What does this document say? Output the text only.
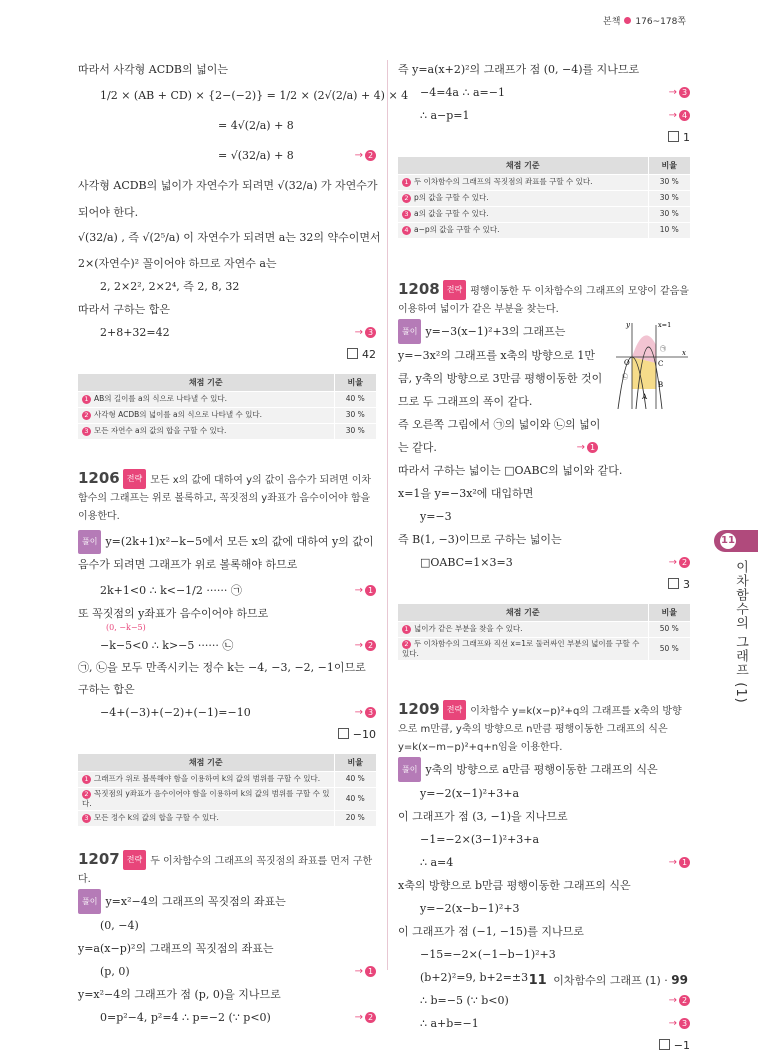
본책 176~178쪽
따라서 사각형 ACDB의 넓이는
1/2 × (AB + CD) × {2−(−2)} = 1/2 × (2√(2/a) + 4) × 4
= 4√(2/a) + 8
= √(32/a) + 8	→ 2
사각형 ACDB의 넓이가 자연수가 되려면 √(32/a) 가 자연수가
되어야 한다.
√(32/a) , 즉 √(2⁵/a) 이 자연수가 되려면 a는 32의 약수이면서
2×(자연수)² 꼴이어야 하므로 자연수 a는
2, 2×2², 2×2⁴, 즉 2, 8, 32
따라서 구하는 합은
2+8+32=42	→ 3
42
채점 기준	비율
1 AB의 길이를 a의 식으로 나타낼 수 있다.	40 %
2 사각형 ACDB의 넓이를 a의 식으로 나타낼 수 있다.	30 %
3 모든 자연수 a의 값의 합을 구할 수 있다.	30 %
1206 전략 모든 x의 값에 대하여 y의 값이 음수가 되려면 이차함수의 그래프는 위로 볼록하고, 꼭짓점의 y좌표가 음수이어야 함을 이용한다.
풀이 y=(2k+1)x²−k−5에서 모든 x의 값에 대하여 y의 값이 음수가 되려면 그래프가 위로 볼록해야 하므로
2k+1<0 ∴ k<−1/2 ······ ㉠	→ 1
또 꼭짓점의 y좌표가 음수이어야 하므로
(0, −k−5)
−k−5<0 ∴ k>−5 ······ ㉡	→ 2
㉠, ㉡을 모두 만족시키는 정수 k는 −4, −3, −2, −1이므로 구하는 합은
−4+(−3)+(−2)+(−1)=−10	→ 3
−10
채점 기준	비율
1 그래프가 위로 볼록해야 함을 이용하여 k의 값의 범위를 구할 수 있다.	40 %
2 꼭짓점의 y좌표가 음수이어야 함을 이용하여 k의 값의 범위를 구할 수 있다.	40 %
3 모든 정수 k의 값의 합을 구할 수 있다.	20 %
1207 전략 두 이차함수의 그래프의 꼭짓점의 좌표를 먼저 구한다.
풀이 y=x²−4의 그래프의 꼭짓점의 좌표는
(0, −4)
y=a(x−p)²의 그래프의 꼭짓점의 좌표는
(p, 0)	→ 1
y=x²−4의 그래프가 점 (p, 0)을 지나므로
0=p²−4, p²=4 ∴ p=−2 (∵ p<0)	→ 2
즉 y=a(x+2)²의 그래프가 점 (0, −4)를 지나므로
−4=4a ∴ a=−1	→ 3
∴ a−p=1	→ 4
1
채점 기준	비율
1 두 이차함수의 그래프의 꼭짓점의 좌표를 구할 수 있다.	30 %
2 p의 값을 구할 수 있다.	30 %
3 a의 값을 구할 수 있다.	30 %
4 a−p의 값을 구할 수 있다.	10 %
1208 전략 평행이동한 두 이차함수의 그래프의 모양이 같음을 이용하여 넓이가 같은 부분을 찾는다.
y
x
x=1
O	C
B
A
㉠
㉡
풀이 y=−3(x−1)²+3의 그래프는
y=−3x²의 그래프를 x축의 방향으로 1만
큼, y축의 방향으로 3만큼 평행이동한 것이
므로 두 그래프의 폭이 같다.
즉 오른쪽 그림에서 ㉠의 넓이와 ㉡의 넓이
는 같다.	→ 1
따라서 구하는 넓이는 □OABC의 넓이와 같다.
x=1을 y=−3x²에 대입하면
y=−3
즉 B(1, −3)이므로 구하는 넓이는
□OABC=1×3=3	→ 2
3
채점 기준	비율
1 넓이가 같은 부분을 찾을 수 있다.	50 %
2 두 이차함수의 그래프와 직선 x=1로 둘러싸인 부분의 넓이를 구할 수 있다.	50 %
1209 전략 이차함수 y=k(x−p)²+q의 그래프를 x축의 방향으로 m만큼, y축의 방향으로 n만큼 평행이동한 그래프의 식은 y=k(x−m−p)²+q+n임을 이용한다.
풀이 y축의 방향으로 a만큼 평행이동한 그래프의 식은
y=−2(x−1)²+3+a
이 그래프가 점 (3, −1)을 지나므로
−1=−2×(3−1)²+3+a
∴ a=4	→ 1
x축의 방향으로 b만큼 평행이동한 그래프의 식은
y=−2(x−b−1)²+3
이 그래프가 점 (−1, −15)를 지나므로
−15=−2×(−1−b−1)²+3
(b+2)²=9, b+2=±3
∴ b=−5 (∵ b<0)	→ 2
∴ a+b=−1	→ 3
−1
11
이차함수의 그래프 (1)
11 이차함수의 그래프 (1) · 99
